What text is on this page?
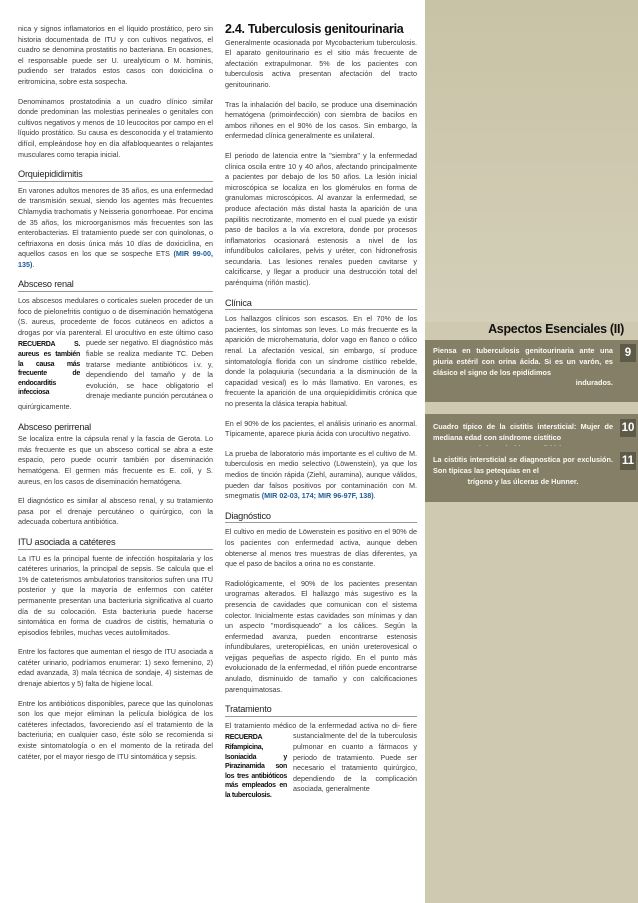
nica y signos inflamatorios en el líquido prostático, pero sin historia documentada de ITU y con cultivos negativos, el cuadro se denomina prostatitis no bacteriana. En ocasiones, el responsable puede ser U. urealyticum o M. hominis, pudiendo ser tratados estos casos con doxiciclina o eritromicina, sobre esta sospecha.

Denominamos prostatodinia a un cuadro clínico similar donde predominan las molestias perineales o genitales con cultivos negativos y menos de 10 leucocitos por campo en el líquido prostático. Su causa es desconocida y el tratamiento difícil, empleándose hoy en día alfabloqueantes o relajantes musculares como terapia inicial.

Orquiepididimitis

En varones adultos menores de 35 años, es una enfermedad de transmisión sexual, siendo los agentes más frecuentes Chlamydia trachomatis y Neisseria gonorrhoeae. Por encima de 35 años, los microorganismos más frecuentes son las enterobacterias. El tratamiento puede ser con quinolonas, o ceftriaxona en dosis única más 10 días de doxiciclina, en aquellos casos en los que se sospeche ETS (MIR 99-00, 135).

Absceso renal

Los abscesos medulares o corticales suelen proceder de un foco de pielonefritis contiguo o de diseminación hematógena (S. aureus, procedente de focos cutáneos en adictos a drogas por vía parenteral. El urocultivo en
RECUERDA S. aureus es también la causa más frecuente de endocarditis infecciosa
este último caso puede ser negativo. El diagnóstico más fiable se realiza mediante TC. Deben tratarse mediante antibióticos i.v. y, dependiendo del tamaño y de la evolución, se hace obligatorio el drenaje mediante punción percutánea o quirúrgicamente.

Absceso perirrenal

Se localiza entre la cápsula renal y la fascia de Gerota. Lo más frecuente es que un absceso cortical se abra a este espacio, pero puede ocurrir también por diseminación hematógena. El germen más frecuente es E. coli, y S. aureus, en los casos de diseminación hematógena.

El diagnóstico es similar al absceso renal, y su tratamiento pasa por el drenaje percutáneo o quirúrgico, con la adecuada cobertura antibiótica.

ITU asociada a catéteres

La ITU es la principal fuente de infección hospitalaria y los catéteres urinarios, la principal de sepsis. Se calcula que el 1% de cateterismos ambulatorios transitorios sufren una ITU posterior y que la mayoría de enfermos con catéter permanente presentan una bacteriuria significativa al cuarto día de su colocación. Esta bacteriuria puede hacerse sintomática en forma de cuadros de cistitis, hematuria o episodios febriles, muchas veces autolimitados.

Entre los factores que aumentan el riesgo de ITU asociada a catéter urinario, podríamos enumerar: 1) sexo femenino, 2) edad avanzada, 3) mala técnica de sondaje, 4) sistemas de drenaje abiertos y 5) falta de higiene local.

Entre los antibióticos disponibles, parece que las quinolonas son los que mejor eliminan la película biológica de los catéteres infectados, favoreciendo así el tratamiento de la bacteriuria; en cualquier caso, éste sólo se recomienda si existe sintomatología o en el momento de la retirada del catéter, por el mayor riesgo de ITU sintomática y sepsis.

2.4. Tuberculosis genitourinaria

Generalmente ocasionada por Mycobacterium tuberculosis. El aparato genitourinario es el sitio más frecuente de afectación extrapulmonar. 5% de los pacientes con tuberculosis activa presentan afectación del tracto genitourinario.

Tras la inhalación del bacilo, se produce una diseminación hematógena (primoinfección) con siembra de bacilos en ambos riñones en el 90% de los casos. Sin embargo, la enfermedad clínica generalmente es unilateral.

El periodo de latencia entre la "siembra" y la enfermedad clínica oscila entre 10 y 40 años, afectando principalmente a pacientes por debajo de los 50 años. La lesión inicial microscópica se localiza en los glomérulos en forma de granulomas microscópicos. Al avanzar la enfermedad, se produce afectación más distal hasta la aparición de una papilitis necrotizante, momento en el cual puede ya existir paso de bacilos a la vía excretora, donde por procesos inflamatorios ocasionará estenosis a nivel de los infundíbulos calicilares, pelvis y uréter, con hidronefrosis secundaria. Las lesiones renales pueden cavitarse y calcificarse, y llegar a producir una destrucción total del parénquima (riñón mastic).

Clínica

Los hallazgos clínicos son escasos. En el 70% de los pacientes, los síntomas son leves. Lo más frecuente es la aparición de microhematuria, dolor vago en flanco o cólico renal. La afectación vesical, sin embargo, sí produce sintomatología florida con un síndrome cistítico rebelde, donde la polaquiuria (secundaria a la disminución de la capacidad vesical) es lo más llamativo. En varones, es frecuente la aparición de una orquiepididimitis crónica que no presenta la clásica terapia habitual.

En el 90% de los pacientes, el análisis urinario es anormal. Típicamente, aparece piuria ácida con urocultivo negativo.

La prueba de laboratorio más importante es el cultivo de M. tuberculosis en medio selectivo (Löwenstein), ya que los medios de tinción rápida (Ziehl, auramina), aunque válidos, pueden dar falsos positivos por contaminación con M. smegmatis (MIR 02-03, 174; MIR 96-97F, 138).

Diagnóstico

El cultivo en medio de Löwenstein es positivo en el 90% de los pacientes con enfermedad activa, aunque deben obtenerse al menos tres muestras de días diferentes, ya que el paso de bacilos a orina no es constante.

Radiológicamente, el 90% de los pacientes presentan urogramas alterados. El hallazgo más sugestivo es la presencia de cavidades que comunican con el sistema colector. Inicialmente estas cavidades son mínimas y dan un aspecto "mordisqueado" a los cálices. Según la enfermedad avanza, pueden encontrarse estenosis infundibulares, ureteropiélicas, en unión ureterovesical o vejigas pequeñas de aspecto rígido. En el punto más evolucionado de la enfermedad, el riñón puede encontrarse anulado, disminuido de tamaño y con calcificaciones parenquimatosas.

Tratamiento

El tratamiento médico de la enfermedad activa no di-
RECUERDA Rifampicina, Isoniacida y Pirazinamida son los tres antibióticos más empleados en la tuberculosis.
fiere sustancialmente del de la tuberculosis pulmonar en cuanto a fármacos y periodo de tratamiento. Puede ser necesario el tratamiento quirúrgico, dependiendo de la complicación asociada, generalmente

Aspectos Esenciales (II)
Piensa en tuberculosis genitourinaria ante una piuria estéril con orina ácida. Si es un varón, es clásico el signo de los epidídimos
indurados.
9
Cuadro típico de la cistitis intersticial: Mujer de mediana edad con síndrome cistítico
10
La cistitis intersticial se diagnostica por exclusión. Son típicas las petequias en el
trígono y las úlceras de Hunner.
11
